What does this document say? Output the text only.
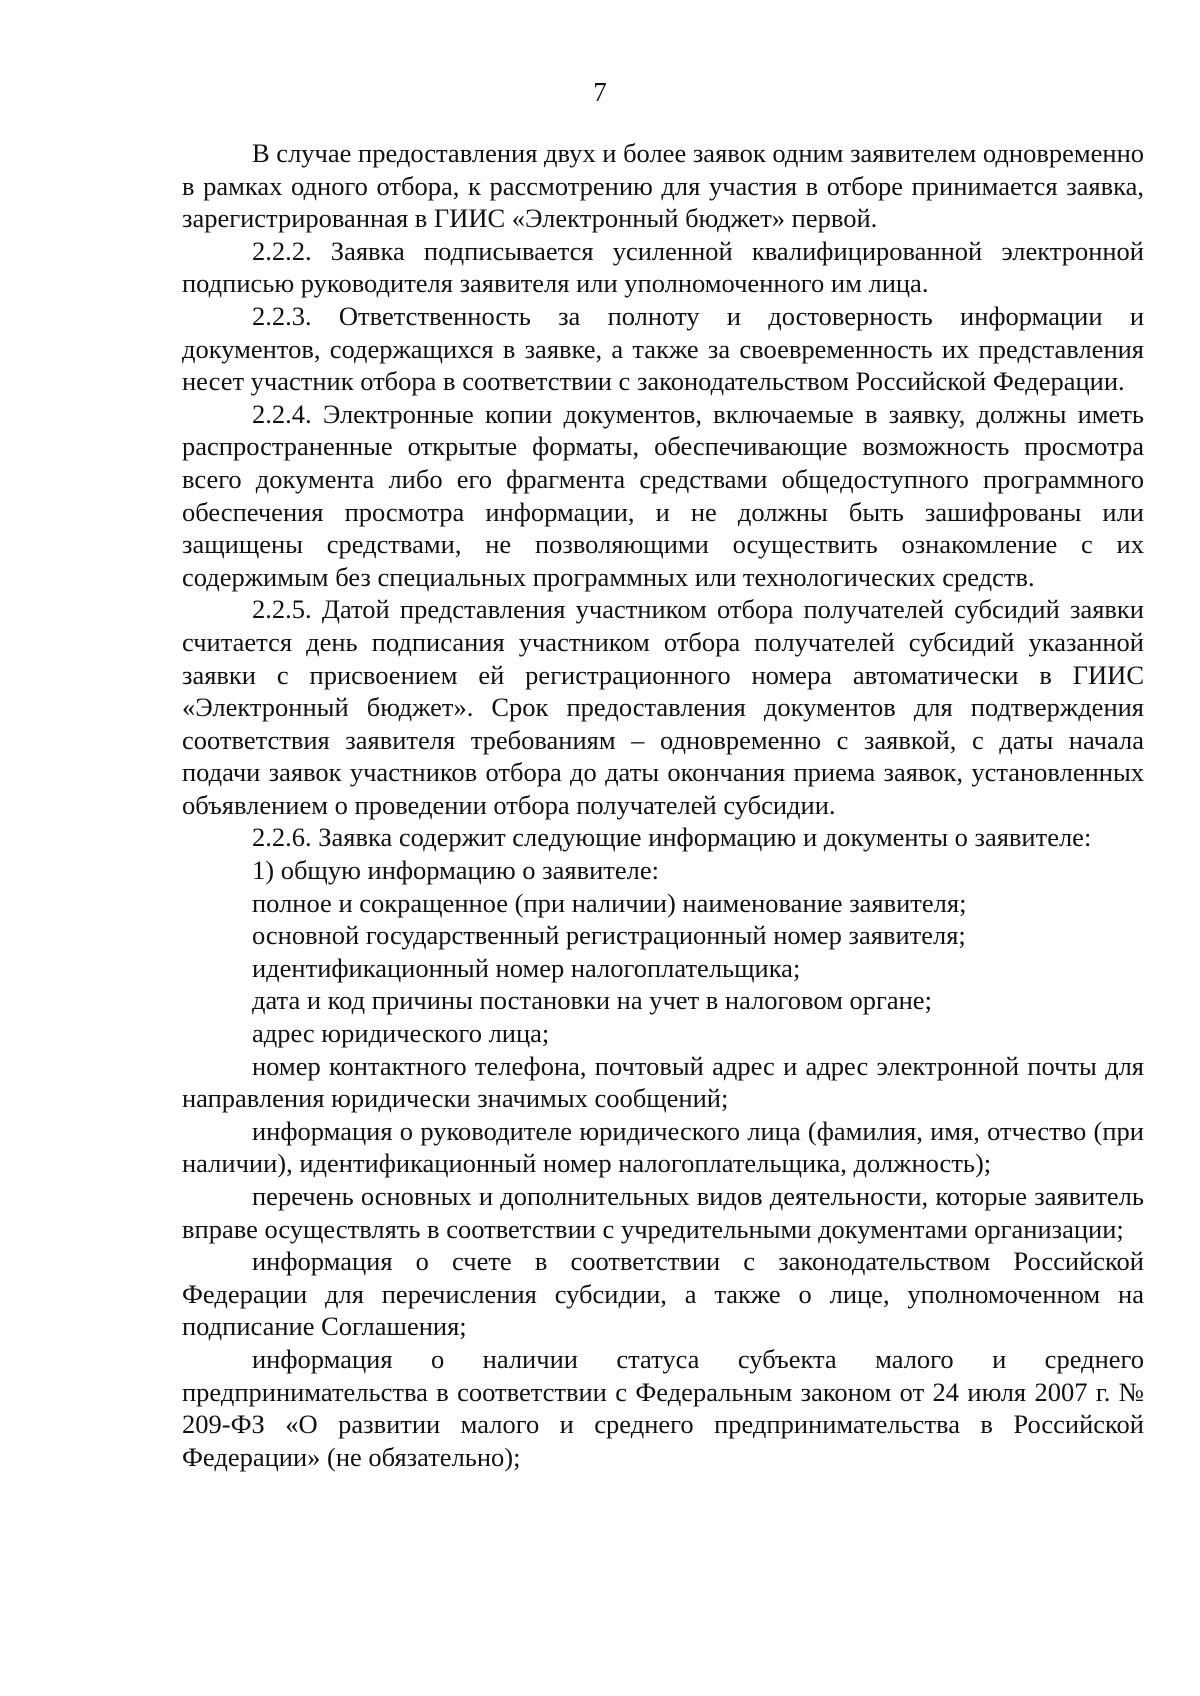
7

В случае предоставления двух и более заявок одним заявителем одновременно в рамках одного отбора, к рассмотрению для участия в отборе принимается заявка, зарегистрированная в ГИИС «Электронный бюджет» первой.

2.2.2. Заявка подписывается усиленной квалифицированной электронной подписью руководителя заявителя или уполномоченного им лица.

2.2.3. Ответственность за полноту и достоверность информации и документов, содержащихся в заявке, а также за своевременность их представления несет участник отбора в соответствии с законодательством Российской Федерации.

2.2.4. Электронные копии документов, включаемые в заявку, должны иметь распространенные открытые форматы, обеспечивающие возможность просмотра всего документа либо его фрагмента средствами общедоступного программного обеспечения просмотра информации, и не должны быть зашифрованы или защищены средствами, не позволяющими осуществить ознакомление с их содержимым без специальных программных или технологических средств.

2.2.5. Датой представления участником отбора получателей субсидий заявки считается день подписания участником отбора получателей субсидий указанной заявки с присвоением ей регистрационного номера автоматически в ГИИС «Электронный бюджет». Срок предоставления документов для подтверждения соответствия заявителя требованиям – одновременно с заявкой, с даты начала подачи заявок участников отбора до даты окончания приема заявок, установленных объявлением о проведении отбора получателей субсидии.

2.2.6. Заявка содержит следующие информацию и документы о заявителе:

1) общую информацию о заявителе:

полное и сокращенное (при наличии) наименование заявителя;

основной государственный регистрационный номер заявителя;

идентификационный номер налогоплательщика;

дата и код причины постановки на учет в налоговом органе;

адрес юридического лица;

номер контактного телефона, почтовый адрес и адрес электронной почты для направления юридически значимых сообщений;

информация о руководителе юридического лица (фамилия, имя, отчество (при наличии), идентификационный номер налогоплательщика, должность);

перечень основных и дополнительных видов деятельности, которые заявитель вправе осуществлять в соответствии с учредительными документами организации;

информация о счете в соответствии с законодательством Российской Федерации для перечисления субсидии, а также о лице, уполномоченном на подписание Соглашения;

информация о наличии статуса субъекта малого и среднего предпринимательства в соответствии с Федеральным законом от 24 июля 2007 г. № 209-ФЗ «О развитии малого и среднего предпринимательства в Российской Федерации» (не обязательно);
